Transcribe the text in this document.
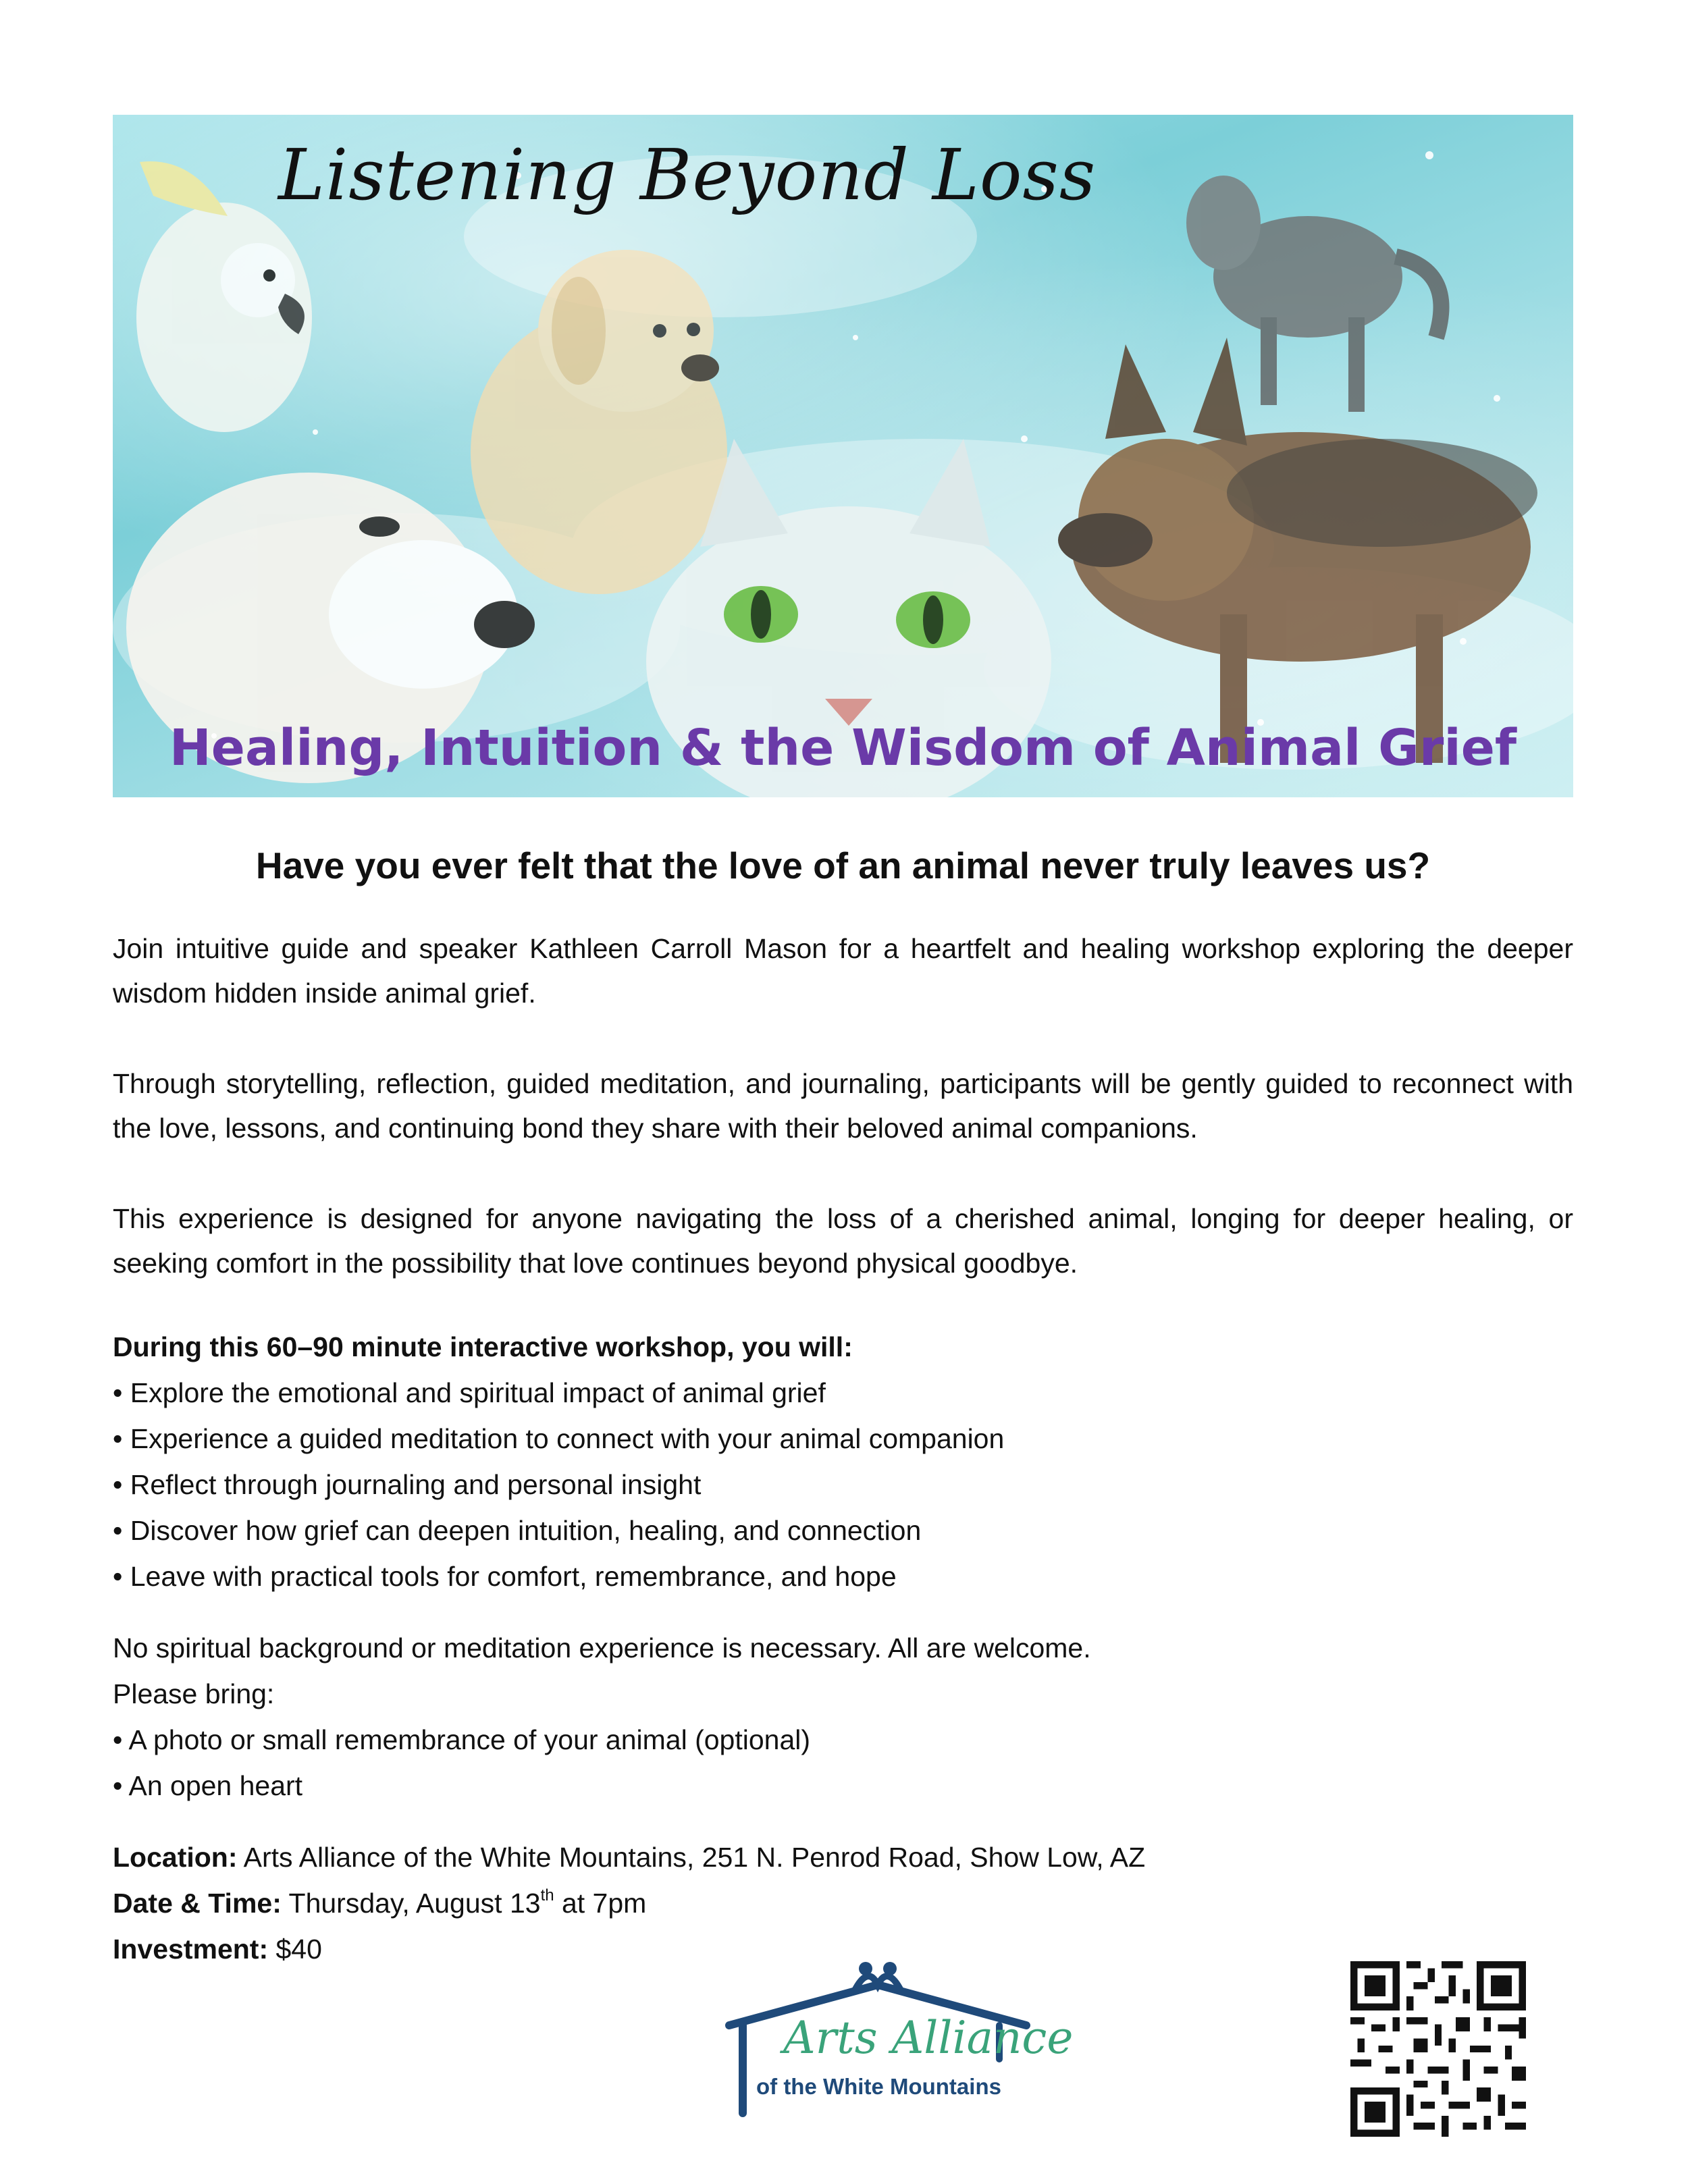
Listening Beyond Loss
Healing, Intuition & the Wisdom of Animal Grief
Have you ever felt that the love of an animal never truly leaves us?

Join intuitive guide and speaker Kathleen Carroll Mason for a heartfelt and healing workshop exploring the deeper wisdom hidden inside animal grief.

Through storytelling, reflection, guided meditation, and journaling, participants will be gently guided to reconnect with the love, lessons, and continuing bond they share with their beloved animal companions.

This experience is designed for anyone navigating the loss of a cherished animal, longing for deeper healing, or seeking comfort in the possibility that love continues beyond physical goodbye.

During this 60–90 minute interactive workshop, you will:
• Explore the emotional and spiritual impact of animal grief
• Experience a guided meditation to connect with your animal companion
• Reflect through journaling and personal insight
• Discover how grief can deepen intuition, healing, and connection
• Leave with practical tools for comfort, remembrance, and hope
No spiritual background or meditation experience is necessary. All are welcome.
Please bring:
• A photo or small remembrance of your animal (optional)
• An open heart
Location: Arts Alliance of the White Mountains, 251 N. Penrod Road, Show Low, AZ
Date & Time: Thursday, August 13th at 7pm
Investment: $40
Arts Alliance
of the White Mountains
